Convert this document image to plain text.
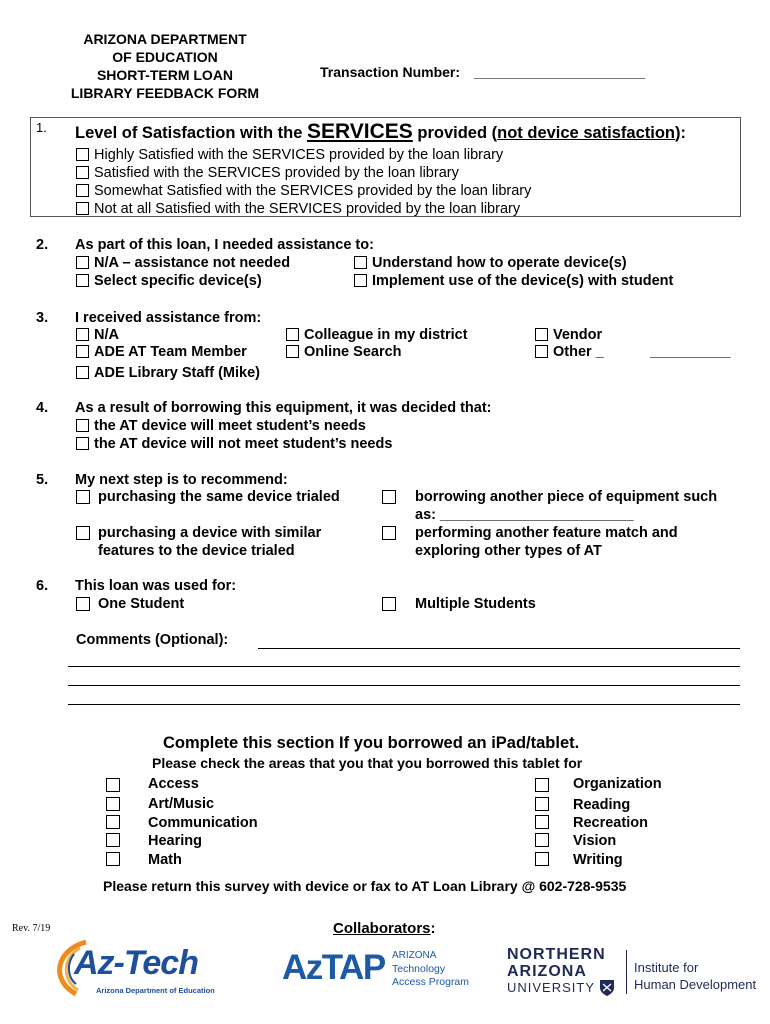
ARIZONA DEPARTMENT
OF EDUCATION
SHORT-TERM LOAN
LIBRARY FEEDBACK FORM
Transaction Number: ______________________
1. Level of Satisfaction with the SERVICES provided (not device satisfaction):
Highly Satisfied with the SERVICES provided by the loan library
Satisfied with the SERVICES provided by the loan library
Somewhat Satisfied with the SERVICES provided by the loan library
Not at all Satisfied with the SERVICES provided by the loan library
2. As part of this loan, I needed assistance to:
N/A – assistance not needed
Select specific device(s)
Understand how to operate device(s)
Implement use of the device(s) with student
3. I received assistance from:
N/A
ADE AT Team Member
ADE Library Staff (Mike)
Colleague in my district
Online Search
Vendor
Other _	__________
4. As a result of borrowing this equipment, it was decided that:
the AT device will meet student’s needs
the AT device will not meet student’s needs
5. My next step is to recommend:
purchasing the same device trialed
purchasing a device with similar
features to the device trialed
borrowing another piece of equipment such
as: ________________________
performing another feature match and
exploring other types of AT
6. This loan was used for:
One Student	Multiple Students
Comments (Optional):
Complete this section If you borrowed an iPad/tablet.
Please check the areas that you that you borrowed this tablet for
Access
Art/Music
Communication
Hearing
Math
Organization
Reading
Recreation
Vision
Writing
Please return this survey with device or fax to AT Loan Library @ 602-728-9535
Rev. 7/19	Collaborators:
Az-Tech
Arizona Department of Education
AzTAP ARIZONA
Technology
Access Program
NORTHERN
ARIZONA
UNIVERSITY
Institute for
Human Development
